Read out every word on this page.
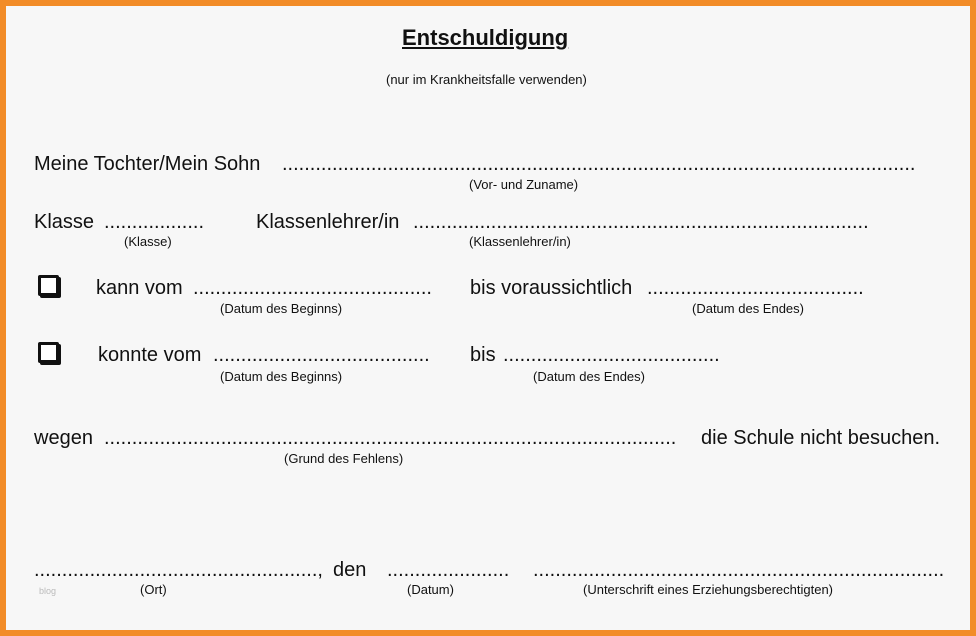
Entschuldigung
(nur im Krankheitsfalle verwenden)
Meine Tochter/Mein Sohn ..................................................................................................................
(Vor- und Zuname)
Klasse ..................
(Klasse)
Klassenlehrer/in ..................................................................................
(Klassenlehrer/in)
kann vom ...........................................
(Datum des Beginns)
bis voraussichtlich .......................................
(Datum des Endes)
konnte vom .......................................
(Datum des Beginns)
bis .......................................
(Datum des Endes)
wegen .......................................................................................................	die Schule nicht besuchen.
(Grund des Fehlens)
...................................................,
(Ort)
den ......................
(Datum)
..........................................................................
(Unterschrift eines Erziehungsberechtigten)
blog
